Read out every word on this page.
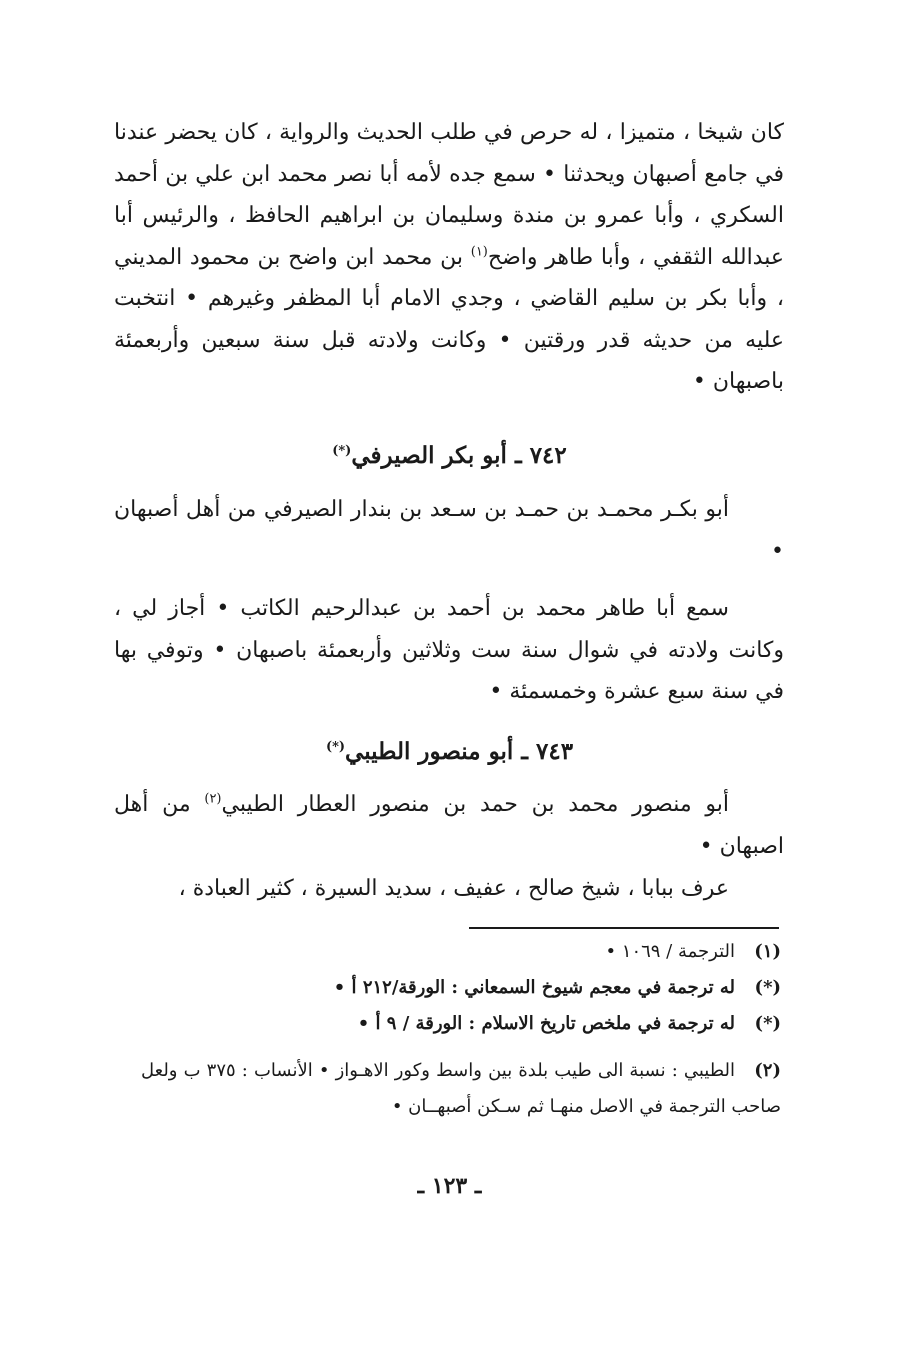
كان شيخا ، متميزا ، له حرص في طلب الحديث والرواية ، كان يحضر عندنا في جامع أصبهان ويحدثنا • سمع جده لأمه أبا نصر محمد ابن علي بن أحمد السكري ، وأبا عمرو بن مندة وسليمان بن ابراهيم الحافظ ، والرئيس أبا عبدالله الثقفي ، وأبا طاهر واضح$^{(١)}$ بن محمد ابن واضح بن محمود المديني ، وأبا بكر بن سليم القاضي ، وجدي الامام أبا المظفر وغيرهم • انتخبت عليه من حديثه قدر ورقتين • وكانت ولادته قبل سنة سبعين وأربعمئة باصبهان •
٧٤٢ ـ أبو بكر الصيرفي(*)
أبو بكـر محمـد بن حمـد بن سـعد بن بندار الصيرفي من أهل أصبهان •
سمع أبا طاهر محمد بن أحمد بن عبدالرحيم الكاتب • أجاز لي ، وكانت ولادته في شوال سنة ست وثلاثين وأربعمئة باصبهان • وتوفي بها في سنة سبع عشرة وخمسمئة •
٧٤٣ ـ أبو منصور الطيبي(*)
أبو منصور محمد بن حمد بن منصور العطار الطيبي$^{(٢)}$ من أهل اصبهان •
عرف ببابا ، شيخ صالح ، عفيف ، سديد السيرة ، كثير العبادة ،
(١)الترجمة / ١٠٦٩ •
(*)له ترجمة في معجم شيوخ السمعاني : الورقة/٢١٢ أ •
(*)له ترجمة في ملخص تاريخ الاسلام : الورقة / ٩ أ •
(٢)الطيبي : نسبة الى طيب بلدة بين واسط وكور الاهـواز • الأنساب : ٣٧٥ ب ولعل صاحب الترجمة في الاصل منهـا ثم سـكن أصبهــان •
ـ ١٢٣ ـ
